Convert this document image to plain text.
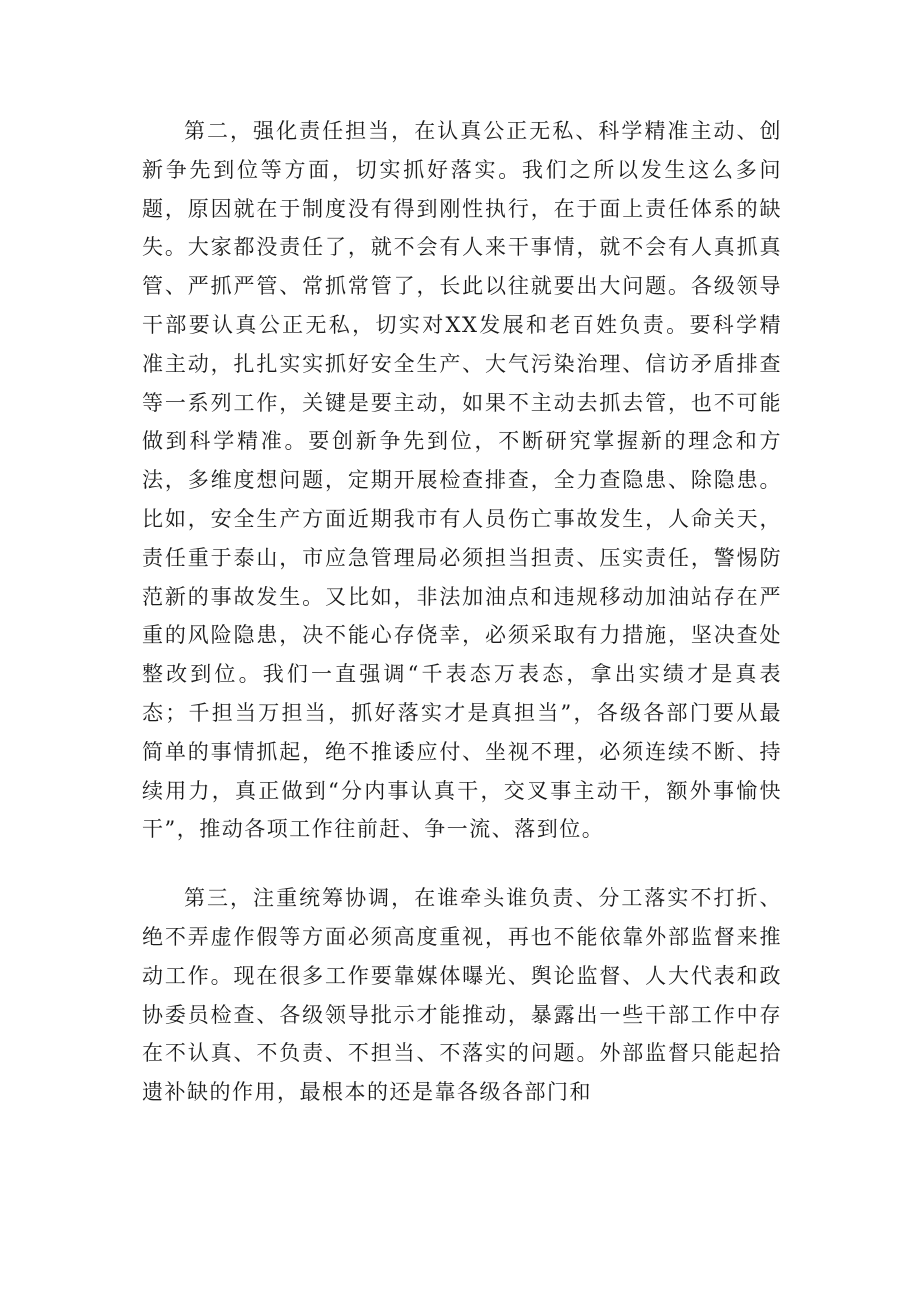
第二，强化责任担当，在认真公正无私、科学精准主动、创新争先到位等方面，切实抓好落实。我们之所以发生这么多问题，原因就在于制度没有得到刚性执行，在于面上责任体系的缺失。大家都没责任了，就不会有人来干事情，就不会有人真抓真管、严抓严管、常抓常管了，长此以往就要出大问题。各级领导干部要认真公正无私，切实对XX发展和老百姓负责。要科学精准主动，扎扎实实抓好安全生产、大气污染治理、信访矛盾排查等一系列工作，关键是要主动，如果不主动去抓去管，也不可能做到科学精准。要创新争先到位，不断研究掌握新的理念和方法，多维度想问题，定期开展检查排查，全力查隐患、除隐患。比如，安全生产方面近期我市有人员伤亡事故发生，人命关天，责任重于泰山，市应急管理局必须担当担责、压实责任，警惕防范新的事故发生。又比如，非法加油点和违规移动加油站存在严重的风险隐患，决不能心存侥幸，必须采取有力措施，坚决查处整改到位。我们一直强调“千表态万表态，拿出实绩才是真表态；千担当万担当，抓好落实才是真担当”，各级各部门要从最简单的事情抓起，绝不推诿应付、坐视不理，必须连续不断、持续用力，真正做到“分内事认真干，交叉事主动干，额外事愉快干”，推动各项工作往前赶、争一流、落到位。

第三，注重统筹协调，在谁牵头谁负责、分工落实不打折、绝不弄虚作假等方面必须高度重视，再也不能依靠外部监督来推动工作。现在很多工作要靠媒体曝光、舆论监督、人大代表和政协委员检查、各级领导批示才能推动，暴露出一些干部工作中存在不认真、不负责、不担当、不落实的问题。外部监督只能起拾遗补缺的作用，最根本的还是靠各级各部门和
